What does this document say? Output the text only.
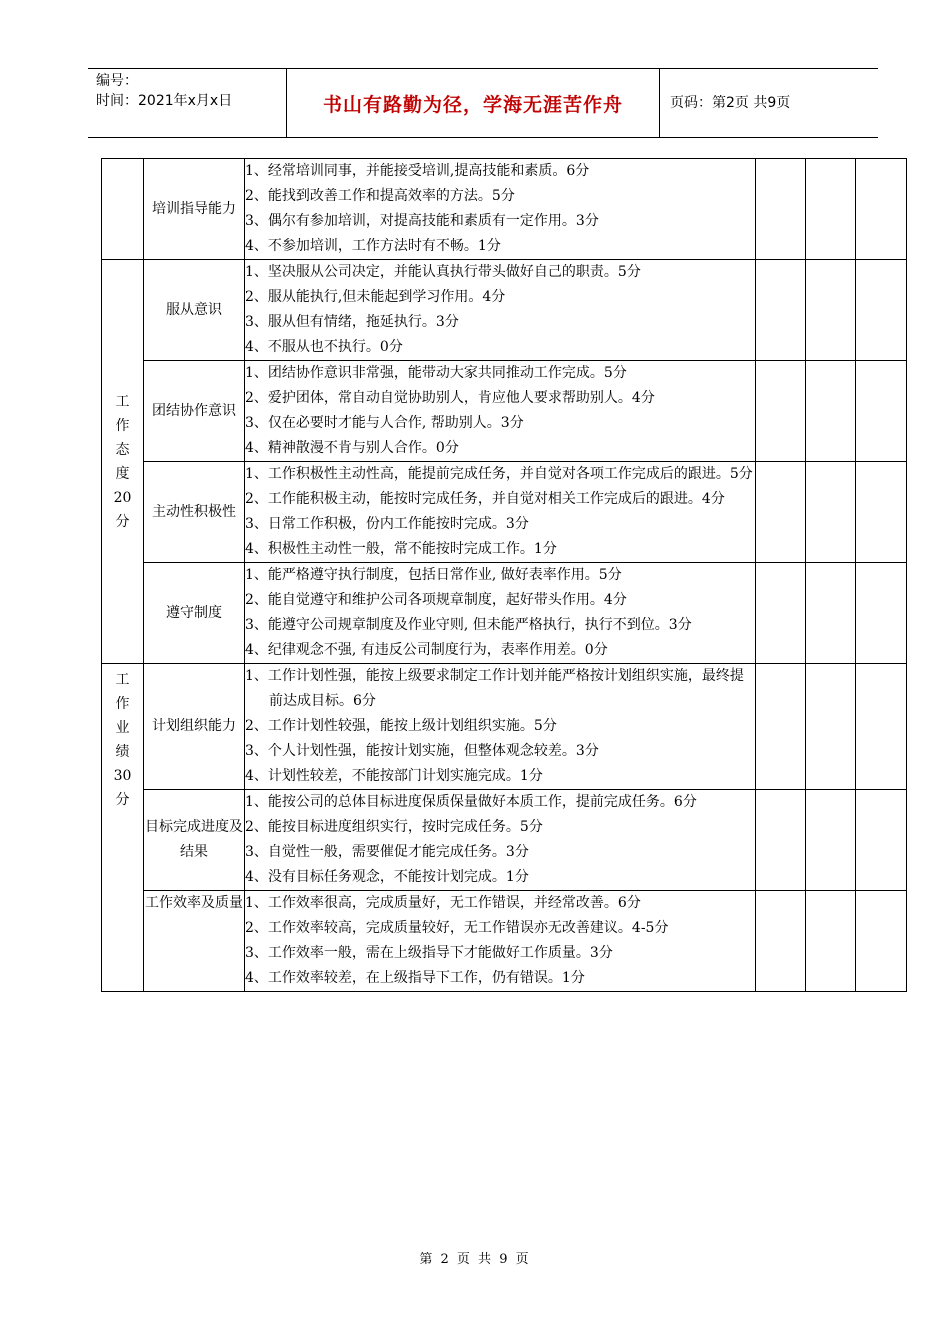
编号：
时间：2021年x月x日	书山有路勤为径，学海无涯苦作舟	页码：第2页 共9页
	培训指导能力	1、经常培训同事，并能接受培训,提高技能和素质。6分
2、能找到改善工作和提高效率的方法。5分
3、偶尔有参加培训，对提高技能和素质有一定作用。3分
4、不参加培训，工作方法时有不畅。1分			

工作态度20分	服从意识	1、坚决服从公司决定，并能认真执行带头做好自己的职责。5分
2、服从能执行,但未能起到学习作用。4分
3、服从但有情绪，拖延执行。3分
4、不服从也不执行。0分			

	团结协作意识	1、团结协作意识非常强，能带动大家共同推动工作完成。5分
2、爱护团体，常自动自觉协助别人，肯应他人要求帮助别人。4分
3、仅在必要时才能与人合作, 帮助别人。3分
4、精神散漫不肯与别人合作。0分			

	主动性积极性	1、工作积极性主动性高，能提前完成任务，并自觉对各项工作完成后的跟进。5分
2、工作能积极主动，能按时完成任务，并自觉对相关工作完成后的跟进。4分
3、日常工作积极，份内工作能按时完成。3分
4、积极性主动性一般，常不能按时完成工作。1分			

	遵守制度	1、能严格遵守执行制度，包括日常作业, 做好表率作用。5分
2、能自觉遵守和维护公司各项规章制度，起好带头作用。4分
3、能遵守公司规章制度及作业守则, 但未能严格执行，执行不到位。3分
4、纪律观念不强, 有违反公司制度行为，表率作用差。0分			

工作业绩30分	计划组织能力	1、工作计划性强，能按上级要求制定工作计划并能严格按计划组织实施，最终提前达成目标。6分
2、工作计划性较强，能按上级计划组织实施。5分
3、个人计划性强，能按计划实施，但整体观念较差。3分
4、计划性较差，不能按部门计划实施完成。1分			

	目标完成进度及结果	1、能按公司的总体目标进度保质保量做好本质工作，提前完成任务。6分
2、能按目标进度组织实行，按时完成任务。5分
3、自觉性一般，需要催促才能完成任务。3分
4、没有目标任务观念，不能按计划完成。1分			

	工作效率及质量	1、工作效率很高，完成质量好，无工作错误，并经常改善。6分
2、工作效率较高，完成质量较好，无工作错误亦无改善建议。4-5分
3、工作效率一般，需在上级指导下才能做好工作质量。3分
4、工作效率较差，在上级指导下工作，仍有错误。1分			

第 2 页 共 9 页
